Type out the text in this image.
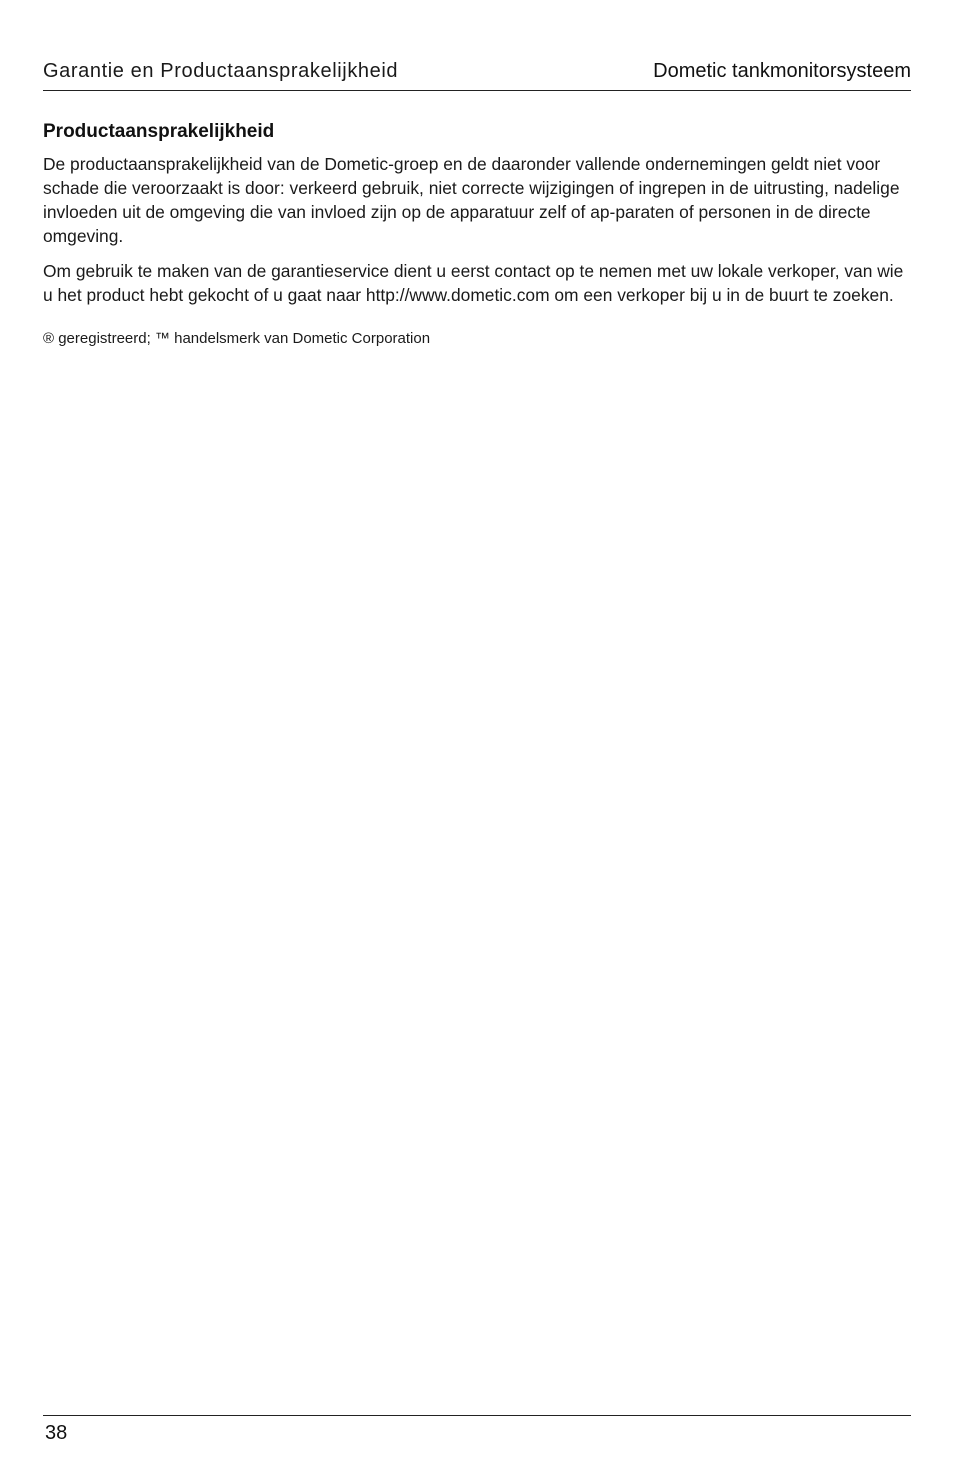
Garantie en Productaansprakelijkheid	Dometic tankmonitorsysteem
Productaansprakelijkheid

De productaansprakelijkheid van de Dometic-groep en de daaronder vallende ondernemingen geldt niet voor schade die veroorzaakt is door: verkeerd gebruik, niet correcte wijzigingen of ingrepen in de uitrusting, nadelige invloeden uit de omgeving die van invloed zijn op de apparatuur zelf of ap-paraten of personen in de directe omgeving.

Om gebruik te maken van de garantieservice dient u eerst contact op te nemen met uw lokale verkoper, van wie u het product hebt gekocht of u gaat naar http://www.dometic.com om een verkoper bij u in de buurt te zoeken.

® geregistreerd; ™ handelsmerk van Dometic Corporation
38
